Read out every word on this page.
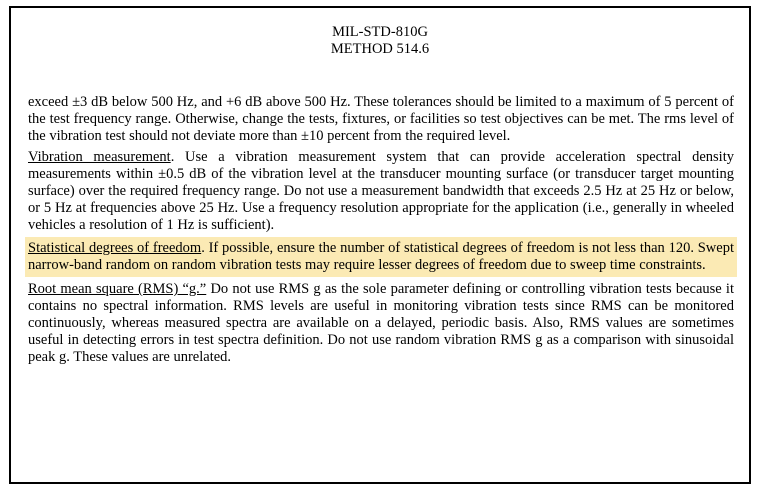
MIL-STD-810G
METHOD 514.6

exceed ±3 dB below 500 Hz, and +6 dB above 500 Hz. These tolerances should be limited to a maximum of 5 percent of the test frequency range. Otherwise, change the tests, fixtures, or facilities so test objectives can be met. The rms level of the vibration test should not deviate more than ±10 percent from the required level.

Vibration measurement. Use a vibration measurement system that can provide acceleration spectral density measurements within ±0.5 dB of the vibration level at the transducer mounting surface (or transducer target mounting surface) over the required frequency range. Do not use a measurement bandwidth that exceeds 2.5 Hz at 25 Hz or below, or 5 Hz at frequencies above 25 Hz. Use a frequency resolution appropriate for the application (i.e., generally in wheeled vehicles a resolution of 1 Hz is sufficient).

Statistical degrees of freedom. If possible, ensure the number of statistical degrees of freedom is not less than 120. Swept narrow-band random on random vibration tests may require lesser degrees of freedom due to sweep time constraints.

Root mean square (RMS) “g.” Do not use RMS g as the sole parameter defining or controlling vibration tests because it contains no spectral information. RMS levels are useful in monitoring vibration tests since RMS can be monitored continuously, whereas measured spectra are available on a delayed, periodic basis. Also, RMS values are sometimes useful in detecting errors in test spectra definition. Do not use random vibration RMS g as a comparison with sinusoidal peak g. These values are unrelated.
